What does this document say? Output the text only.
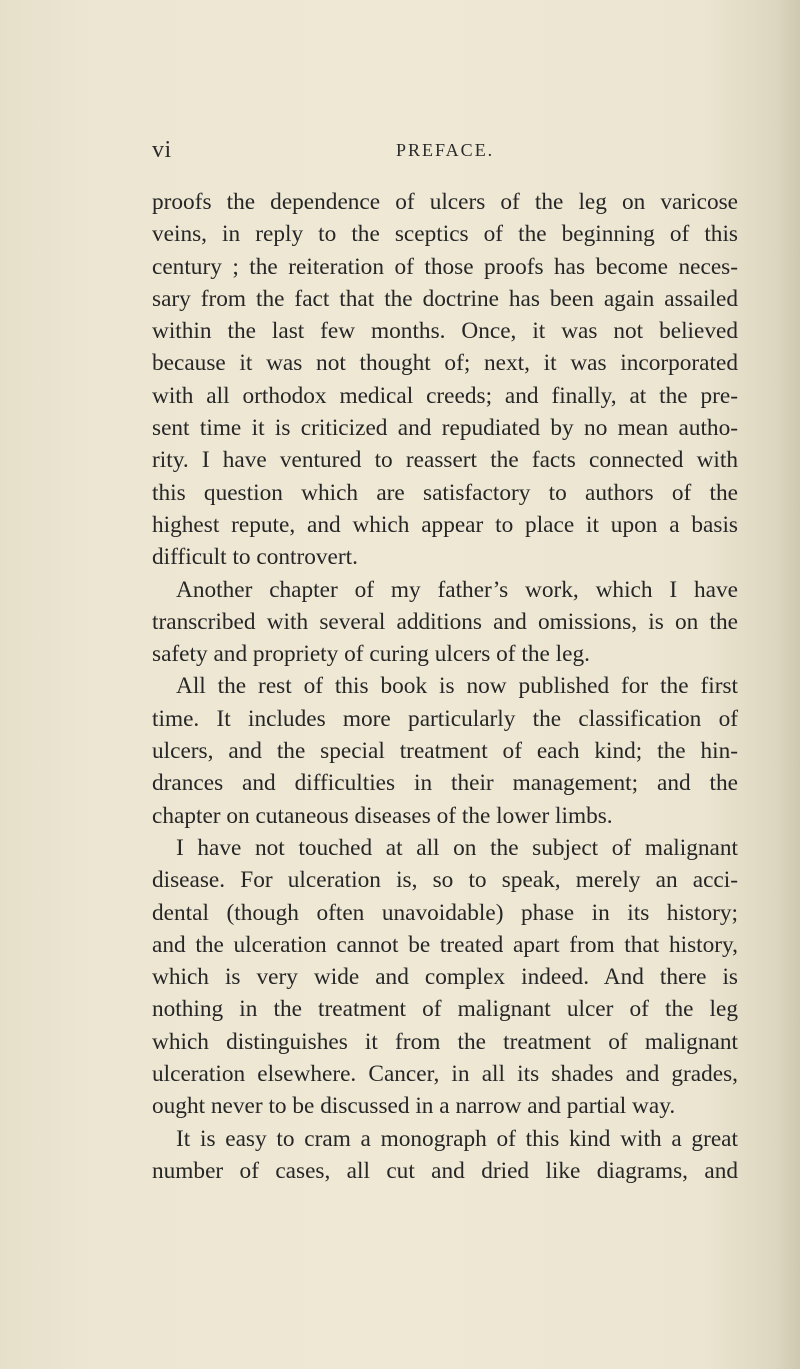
vi	PREFACE.
proofs the dependence of ulcers of the leg on varicose
veins, in reply to the sceptics of the beginning of this
century ; the reiteration of those proofs has become neces-
sary from the fact that the doctrine has been again assailed
within the last few months. Once, it was not believed
because it was not thought of; next, it was incorporated
with all orthodox medical creeds; and finally, at the pre-
sent time it is criticized and repudiated by no mean autho-
rity. I have ventured to reassert the facts connected with
this question which are satisfactory to authors of the
highest repute, and which appear to place it upon a basis
difficult to controvert.
Another chapter of my father’s work, which I have
transcribed with several additions and omissions, is on the
safety and propriety of curing ulcers of the leg.
All the rest of this book is now published for the first
time. It includes more particularly the classification of
ulcers, and the special treatment of each kind; the hin-
drances and difficulties in their management; and the
chapter on cutaneous diseases of the lower limbs.
I have not touched at all on the subject of malignant
disease. For ulceration is, so to speak, merely an acci-
dental (though often unavoidable) phase in its history;
and the ulceration cannot be treated apart from that history,
which is very wide and complex indeed. And there is
nothing in the treatment of malignant ulcer of the leg
which distinguishes it from the treatment of malignant
ulceration elsewhere. Cancer, in all its shades and grades,
ought never to be discussed in a narrow and partial way.
It is easy to cram a monograph of this kind with a great
number of cases, all cut and dried like diagrams, and
